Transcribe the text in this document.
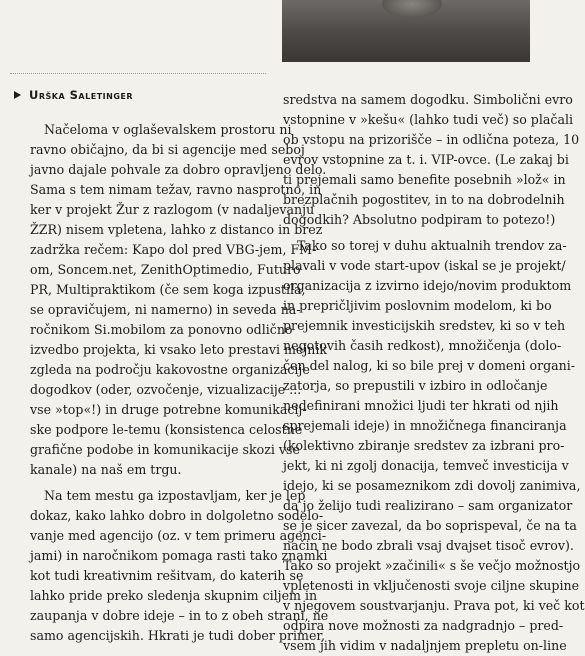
Urška Saletinger
Načeloma v oglaševalskem prostoru ni
ravno običajno, da bi si agencije med seboj
javno dajale pohvale za dobro opravljeno delo.
Sama s tem nimam težav, ravno nasprotno, in
ker v projekt Žur z razlogom (v nadaljevanju
ŽZR) nisem vpletena, lahko z distanco in brez
zadržka rečem: Kapo dol pred VBG-jem, FM-
om, Soncem.net, ZenithOptimedio, Futuro
PR, Multipraktikom (če sem koga izpustila,
se opravičujem, ni namerno) in seveda na-
ročnikom Si.mobilom za ponovno odlično
izvedbo projekta, ki vsako leto prestavi mejnik
zgleda na področju kakovostne organizacije
dogodkov (oder, ozvočenje, vizualizacije ...
vse »top«!) in druge potrebne komunikacij-
ske podpore le-temu (konsistenca celostne
grafične podobe in komunikacije skozi vse
kanale) na naš em trgu.
Na tem mestu ga izpostavljam, ker je lep
dokaz, kako lahko dobro in dolgoletno sodelo-
vanje med agencijo (oz. v tem primeru agenci-
jami) in naročnikom pomaga rasti tako znamki
kot tudi kreativnim rešitvam, do katerih se
lahko pride preko sledenja skupnim ciljem in
zaupanja v dobre ideje – in to z obeh strani, ne
samo agencijskih. Hkrati je tudi dober primer,
sredstva na samem dogodku. Simbolični evro
vstopnine v »kešu« (lahko tudi več) so plačali
ob vstopu na prizorišče – in odlična poteza, 10
evrov vstopnine za t. i. VIP-ovce. (Le zakaj bi
ti prejemali samo benefite posebnih »lož« in
brezplačnih pogostitev, in to na dobrodelnih
dogodkih? Absolutno podpiram to potezo!)
Tako so torej v duhu aktualnih trendov za-
plavali v vode start-upov (iskal se je projekt/
organizacija z izvirno idejo/novim produktom
in prepričljivim poslovnim modelom, ki bo
prejemnik investicijskih sredstev, ki so v teh
negotovih časih redkost), množičenja (dolo-
čen del nalog, ki so bile prej v domeni organi-
zatorja, so prepustili v izbiro in odločanje
nedefinirani množici ljudi ter hkrati od njih
sprejemali ideje) in množičnega financiranja
(kolektivno zbiranje sredstev za izbrani pro-
jekt, ki ni zgolj donacija, temveč investicija v
idejo, ki se posameznikom zdi dovolj zanimiva,
da jo želijo tudi realizirano – sam organizator
se je sicer zavezal, da bo soprispeval, če na ta
način ne bodo zbrali vsaj dvajset tisoč evrov).
Tako so projekt »začinili« s še večjo možnostjo
vpletenosti in vključenosti svoje ciljne skupine
v njegovem soustvarjanju. Prava pot, ki več kot
odpira nove možnosti za nadgradnjo – pred-
vsem jih vidim v nadaljnjem prepletu on-line
